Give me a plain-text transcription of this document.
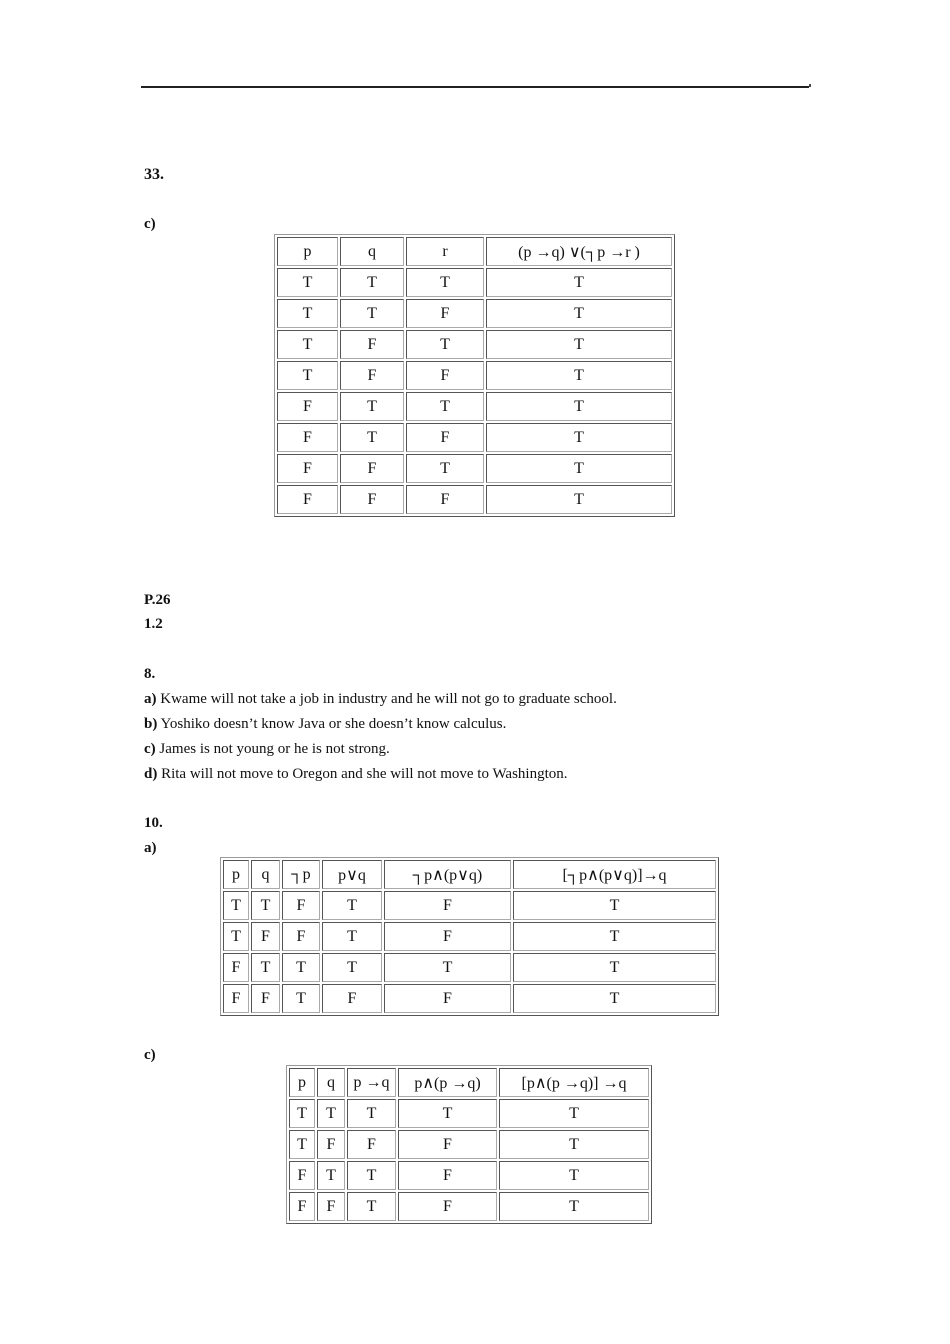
33.
c)
p	q	r	(p →q) ∨(┐p →r )
T	T	T	T
T	T	F	T
T	F	T	T
T	F	F	T
F	T	T	T
F	T	F	T
F	F	T	T
F	F	F	T
P.26
1.2
8.
a) Kwame will not take a job in industry and he will not go to graduate school.
b) Yoshiko doesn’t know Java or she doesn’t know calculus.
c) James is not young or he is not strong.
d) Rita will not move to Oregon and she will not move to Washington.
10.
a)
p	q	┐p	p∨q	┐p∧(p∨q)	[┐p∧(p∨q)]→q
T	T	F	T	F	T
T	F	F	T	F	T
F	T	T	T	T	T
F	F	T	F	F	T
c)
p	q	p →q	p∧(p →q)	[p∧(p →q)] →q
T	T	T	T	T
T	F	F	F	T
F	T	T	F	T
F	F	T	F	T
